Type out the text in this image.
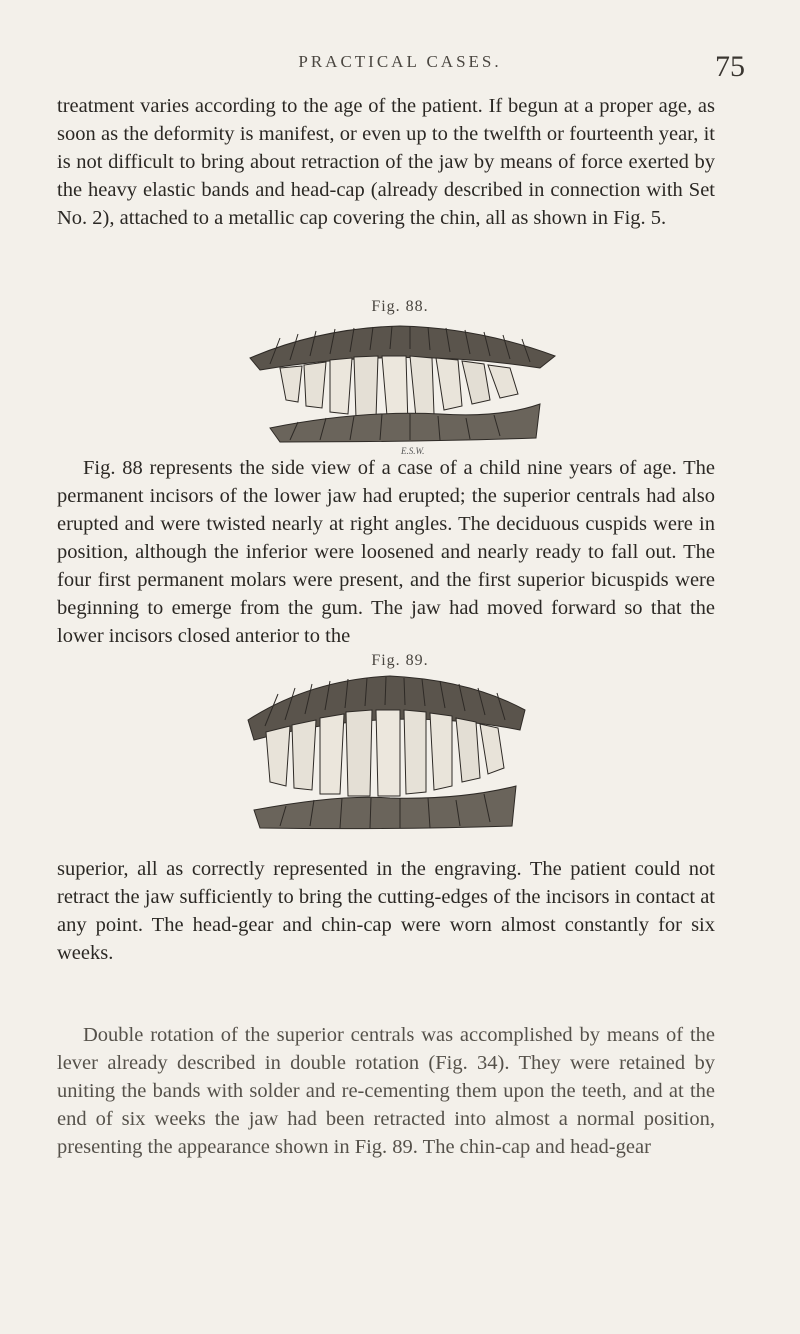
PRACTICAL CASES.	75

treatment varies according to the age of the patient. If begun at a proper age, as soon as the deformity is manifest, or even up to the twelfth or fourteenth year, it is not difficult to bring about retraction of the jaw by means of force exerted by the heavy elastic bands and head-cap (already described in connection with Set No. 2), attached to a metallic cap covering the chin, all as shown in Fig. 5.

Fig. 88.
E.S.W.

Fig. 88 represents the side view of a case of a child nine years of age. The permanent incisors of the lower jaw had erupted; the superior centrals had also erupted and were twisted nearly at right angles. The deciduous cuspids were in position, although the inferior were loosened and nearly ready to fall out. The four first permanent molars were present, and the first superior bicuspids were beginning to emerge from the gum. The jaw had moved forward so that the lower incisors closed anterior to the

Fig. 89.

superior, all as correctly represented in the engraving. The patient could not retract the jaw sufficiently to bring the cutting-edges of the incisors in contact at any point. The head-gear and chin-cap were worn almost constantly for six weeks.

Double rotation of the superior centrals was accomplished by means of the lever already described in double rotation (Fig. 34). They were retained by uniting the bands with solder and re-cementing them upon the teeth, and at the end of six weeks the jaw had been retracted into almost a normal position, presenting the appearance shown in Fig. 89. The chin-cap and head-gear
